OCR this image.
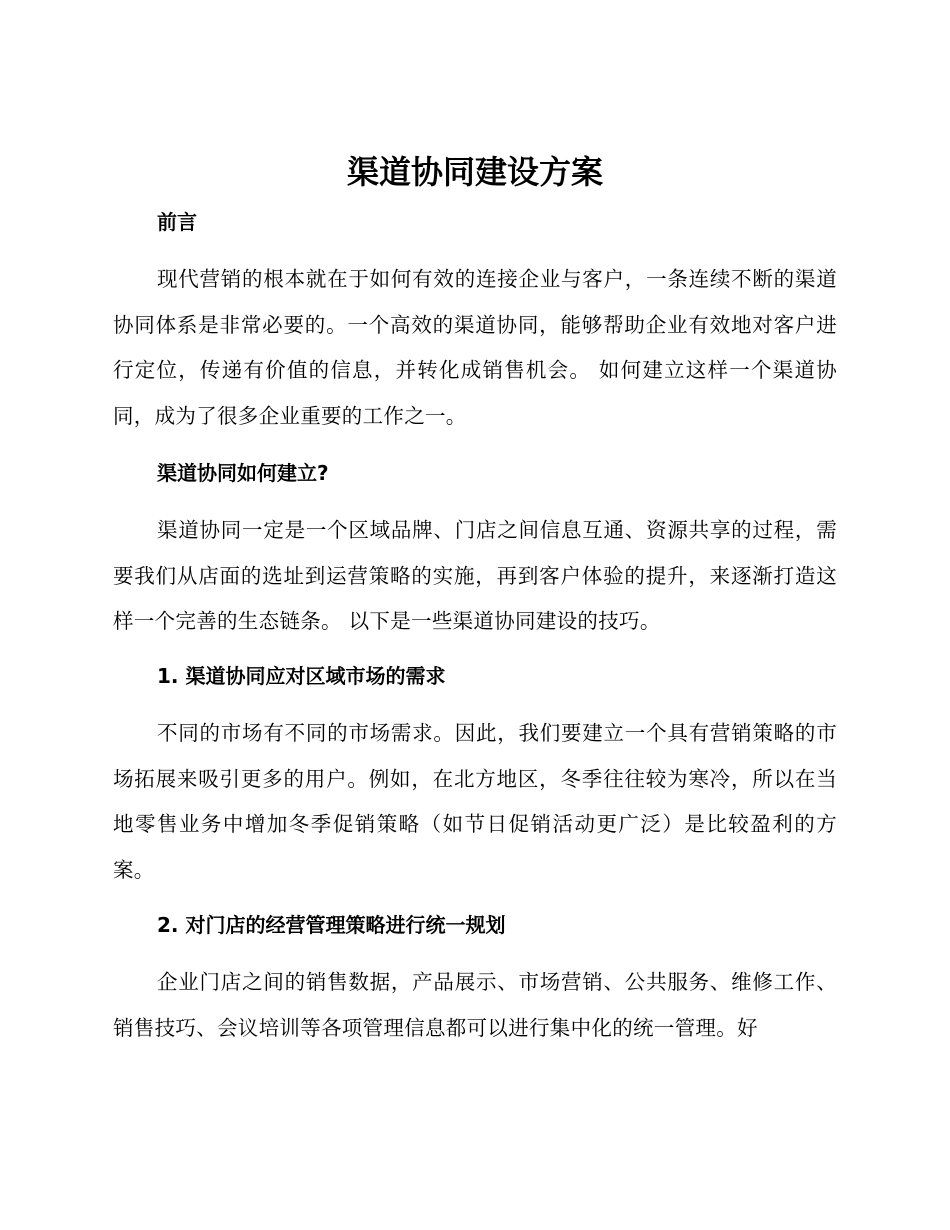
渠道协同建设方案
前言

现代营销的根本就在于如何有效的连接企业与客户，一条连续不断的渠道协同体系是非常必要的。一个高效的渠道协同，能够帮助企业有效地对客户进行定位，传递有价值的信息，并转化成销售机会。 如何建立这样一个渠道协同，成为了很多企业重要的工作之一。

渠道协同如何建立?

渠道协同一定是一个区域品牌、门店之间信息互通、资源共享的过程，需要我们从店面的选址到运营策略的实施，再到客户体验的提升，来逐渐打造这样一个完善的生态链条。 以下是一些渠道协同建设的技巧。

1. 渠道协同应对区域市场的需求

不同的市场有不同的市场需求。因此，我们要建立一个具有营销策略的市场拓展来吸引更多的用户。例如，在北方地区，冬季往往较为寒冷，所以在当地零售业务中增加冬季促销策略（如节日促销活动更广泛）是比较盈利的方案。

2. 对门店的经营管理策略进行统一规划

企业门店之间的销售数据，产品展示、市场营销、公共服务、维修工作、销售技巧、会议培训等各项管理信息都可以进行集中化的统一管理。好
